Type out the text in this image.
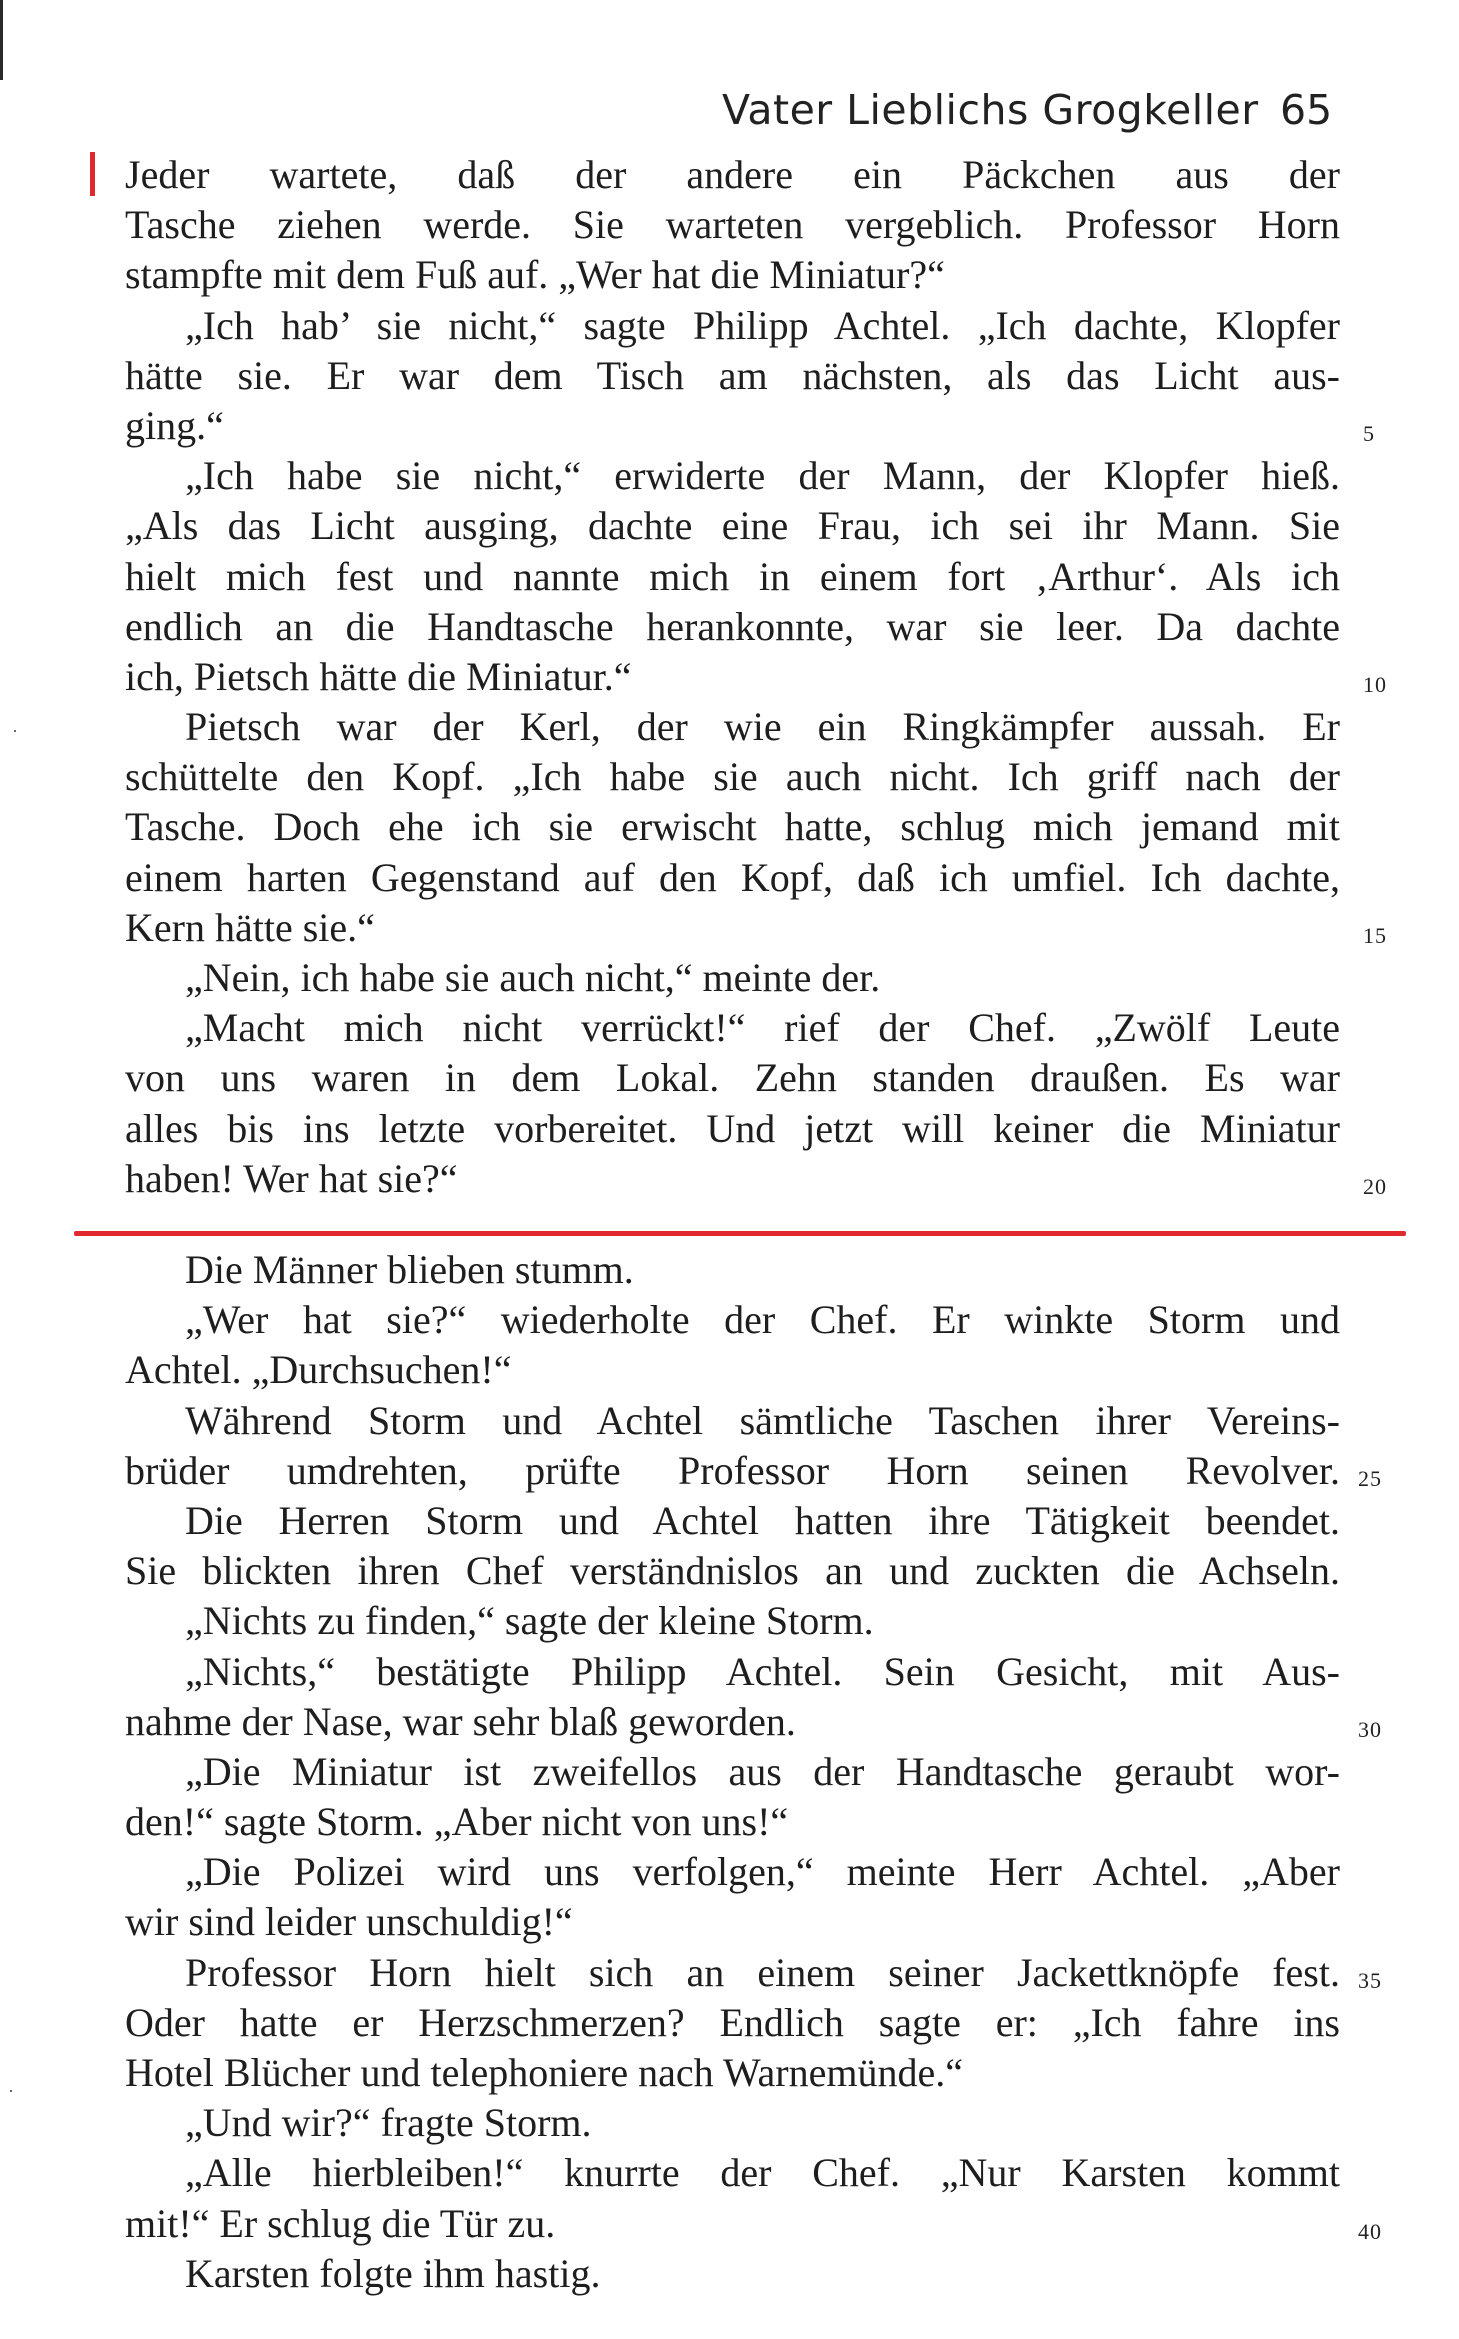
Vater Lieblichs Grogkeller 65
Jeder wartete, daß der andere ein Päckchen aus der
Tasche ziehen werde. Sie warteten vergeblich. Professor Horn
stampfte mit dem Fuß auf. „Wer hat die Miniatur?“
„Ich hab’ sie nicht,“ sagte Philipp Achtel. „Ich dachte, Klopfer
hätte sie. Er war dem Tisch am nächsten, als das Licht aus-
ging.“	5
„Ich habe sie nicht,“ erwiderte der Mann, der Klopfer hieß.
„Als das Licht ausging, dachte eine Frau, ich sei ihr Mann. Sie
hielt mich fest und nannte mich in einem fort ‚Arthur‘. Als ich
endlich an die Handtasche herankonnte, war sie leer. Da dachte
ich, Pietsch hätte die Miniatur.“	10
Pietsch war der Kerl, der wie ein Ringkämpfer aussah. Er
schüttelte den Kopf. „Ich habe sie auch nicht. Ich griff nach der
Tasche. Doch ehe ich sie erwischt hatte, schlug mich jemand mit
einem harten Gegenstand auf den Kopf, daß ich umfiel. Ich dachte,
Kern hätte sie.“	15
„Nein, ich habe sie auch nicht,“ meinte der.
„Macht mich nicht verrückt!“ rief der Chef. „Zwölf Leute
von uns waren in dem Lokal. Zehn standen draußen. Es war
alles bis ins letzte vorbereitet. Und jetzt will keiner die Miniatur
haben! Wer hat sie?“	20
Die Männer blieben stumm.
„Wer hat sie?“ wiederholte der Chef. Er winkte Storm und
Achtel. „Durchsuchen!“
Während Storm und Achtel sämtliche Taschen ihrer Vereins-
brüder umdrehten, prüfte Professor Horn seinen Revolver. 25
Die Herren Storm und Achtel hatten ihre Tätigkeit beendet.
Sie blickten ihren Chef verständnislos an und zuckten die Achseln.
„Nichts zu finden,“ sagte der kleine Storm.
„Nichts,“ bestätigte Philipp Achtel. Sein Gesicht, mit Aus-
nahme der Nase, war sehr blaß geworden.	30
„Die Miniatur ist zweifellos aus der Handtasche geraubt wor-
den!“ sagte Storm. „Aber nicht von uns!“
„Die Polizei wird uns verfolgen,“ meinte Herr Achtel. „Aber
wir sind leider unschuldig!“
Professor Horn hielt sich an einem seiner Jackettknöpfe fest. 35
Oder hatte er Herzschmerzen? Endlich sagte er: „Ich fahre ins
Hotel Blücher und telephoniere nach Warnemünde.“
„Und wir?“ fragte Storm.
„Alle hierbleiben!“ knurrte der Chef. „Nur Karsten kommt
mit!“ Er schlug die Tür zu.	40
Karsten folgte ihm hastig.
